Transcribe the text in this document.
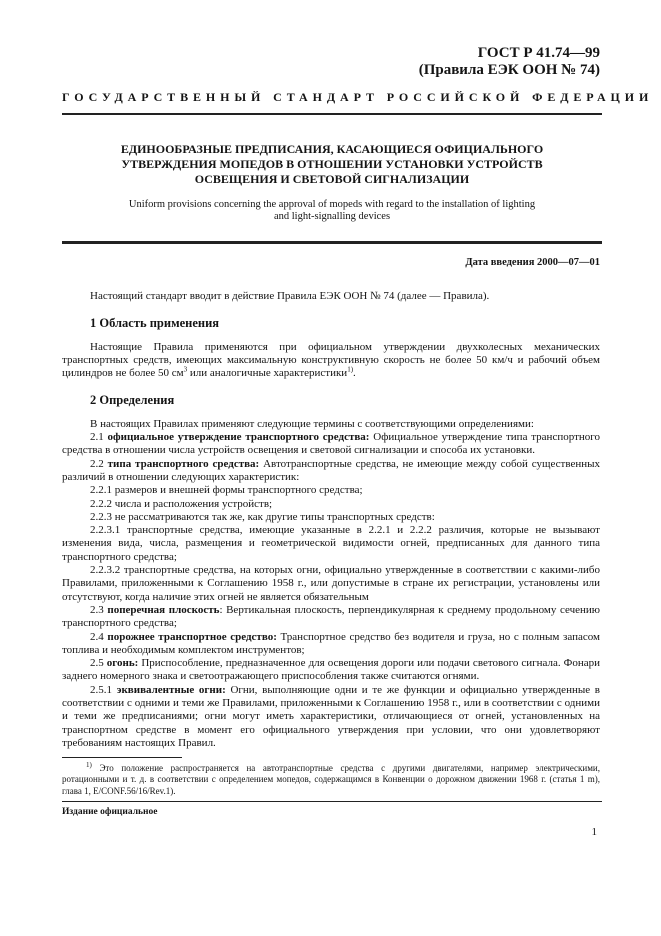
ГОСТ Р 41.74—99
(Правила ЕЭК ООН № 74)
ГОСУДАРСТВЕННЫЙ СТАНДАРТ РОССИЙСКОЙ ФЕДЕРАЦИИ
ЕДИНООБРАЗНЫЕ ПРЕДПИСАНИЯ, КАСАЮЩИЕСЯ ОФИЦИАЛЬНОГО
УТВЕРЖДЕНИЯ МОПЕДОВ В ОТНОШЕНИИ УСТАНОВКИ УСТРОЙСТВ
ОСВЕЩЕНИЯ И СВЕТОВОЙ СИГНАЛИЗАЦИИ
Uniform provisions concerning the approval of mopeds with regard to the installation of lighting
and light-signalling devices
Дата введения 2000—07—01

Настоящий стандарт вводит в действие Правила ЕЭК ООН № 74 (далее — Правила).

1 Область применения

Настоящие Правила применяются при официальном утверждении двухколесных механических транспортных средств, имеющих максимальную конструктивную скорость не более 50 км/ч и рабочий объем цилиндров не более 50 $см^3$ или аналогичные характеристики$^{1)}$.

2 Определения

В настоящих Правилах применяют следующие термины с соответствующими определениями:

2.1 официальное утверждение транспортного средства: Официальное утверждение типа транспортного средства в отношении числа устройств освещения и световой сигнализации и способа их установки.

2.2 типа транспортного средства: Автотранспортные средства, не имеющие между собой существенных различий в отношении следующих характеристик:

2.2.1 размеров и внешней формы транспортного средства;

2.2.2 числа и расположения устройств;

2.2.3 не рассматриваются так же, как другие типы транспортных средств:

2.2.3.1 транспортные средства, имеющие указанные в 2.2.1 и 2.2.2 различия, которые не вызывают изменения вида, числа, размещения и геометрической видимости огней, предписанных для данного типа транспортного средства;

2.2.3.2 транспортные средства, на которых огни, официально утвержденные в соответствии с какими-либо Правилами, приложенными к Соглашению 1958 г., или допустимые в стране их регистрации, установлены или отсутствуют, когда наличие этих огней не является обязательным

2.3 поперечная плоскость: Вертикальная плоскость, перпендикулярная к среднему продольному сечению транспортного средства;

2.4 порожнее транспортное средство: Транспортное средство без водителя и груза, но с полным запасом топлива и необходимым комплектом инструментов;

2.5 огонь: Приспособление, предназначенное для освещения дороги или подачи светового сигнала. Фонари заднего номерного знака и светоотражающего приспособления также считаются огнями.

2.5.1 эквивалентные огни: Огни, выполняющие одни и те же функции и официально утвержденные в соответствии с одними и теми же Правилами, приложенными к Соглашению 1958 г., или в соответствии с одними и теми же предписаниями; огни могут иметь характеристики, отличающиеся от огней, установленных на транспортном средстве в момент его официального утверждения при условии, что они удовлетворяют требованиям настоящих Правил.

$^{1)}$ Это положение распространяется на автотранспортные средства с другими двигателями, например электрическими, ротационными и т. д. в соответствии с определением мопедов, содержащимся в Конвенции о дорожном движении 1968 г. (статья 1 m), глава 1, E/CONF.56/16/Rev.1).
Издание официальное
1
